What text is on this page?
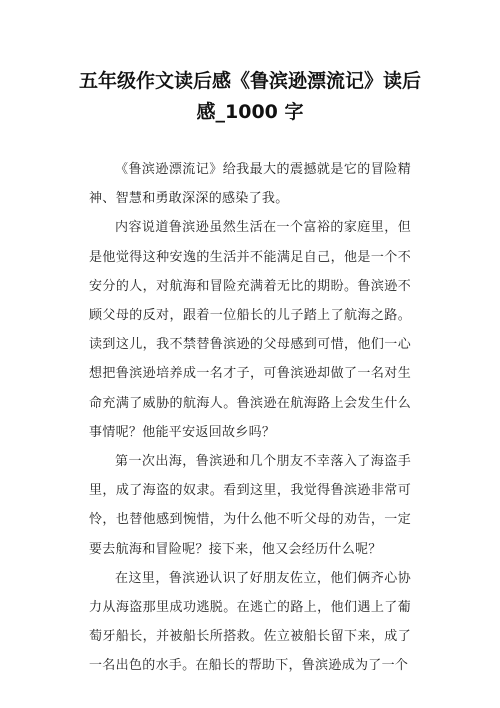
五年级作文读后感《鲁滨逊漂流记》读后感_1000 字

《鲁滨逊漂流记》给我最大的震撼就是它的冒险精神、智慧和勇敢深深的感染了我。

内容说道鲁滨逊虽然生活在一个富裕的家庭里，但是他觉得这种安逸的生活并不能满足自己，他是一个不安分的人，对航海和冒险充满着无比的期盼。鲁滨逊不顾父母的反对，跟着一位船长的儿子踏上了航海之路。读到这儿，我不禁替鲁滨逊的父母感到可惜，他们一心想把鲁滨逊培养成一名才子，可鲁滨逊却做了一名对生命充满了威胁的航海人。鲁滨逊在航海路上会发生什么事情呢？他能平安返回故乡吗？

第一次出海，鲁滨逊和几个朋友不幸落入了海盗手里，成了海盗的奴隶。看到这里，我觉得鲁滨逊非常可怜，也替他感到惋惜，为什么他不听父母的劝告，一定要去航海和冒险呢？接下来，他又会经历什么呢？

在这里，鲁滨逊认识了好朋友佐立，他们俩齐心协力从海盗那里成功逃脱。在逃亡的路上，他们遇上了葡萄牙船长，并被船长所搭救。佐立被船长留下来，成了一名出色的水手。在船长的帮助下，鲁滨逊成为了一个
